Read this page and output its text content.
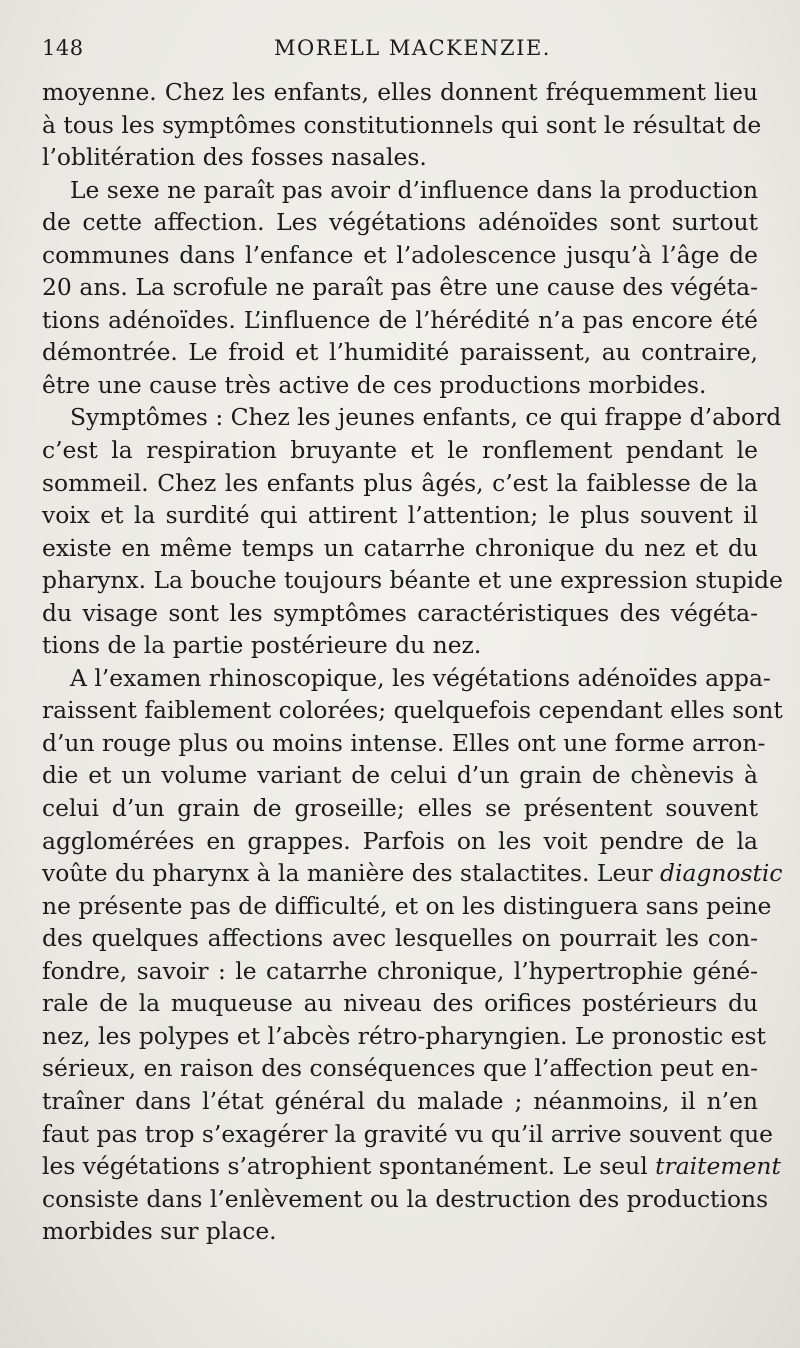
148	MORELL MACKENZIE.
moyenne. Chez les enfants, elles donnent fréquemment lieu
à tous les symptômes constitutionnels qui sont le résultat de
l’oblitération des fosses nasales.
Le sexe ne paraît pas avoir d’influence dans la production
de cette affection. Les végétations adénoïdes sont surtout
communes dans l’enfance et l’adolescence jusqu’à l’âge de
20 ans. La scrofule ne paraît pas être une cause des végéta-
tions adénoïdes. L’influence de l’hérédité n’a pas encore été
démontrée. Le froid et l’humidité paraissent, au contraire,
être une cause très active de ces productions morbides.
Symptômes : Chez les jeunes enfants, ce qui frappe d’abord
c’est la respiration bruyante et le ronflement pendant le
sommeil. Chez les enfants plus âgés, c’est la faiblesse de la
voix et la surdité qui attirent l’attention; le plus souvent il
existe en même temps un catarrhe chronique du nez et du
pharynx. La bouche toujours béante et une expression stupide
du visage sont les symptômes caractéristiques des végéta-
tions de la partie postérieure du nez.
A l’examen rhinoscopique, les végétations adénoïdes appa-
raissent faiblement colorées; quelquefois cependant elles sont
d’un rouge plus ou moins intense. Elles ont une forme arron-
die et un volume variant de celui d’un grain de chènevis à
celui d’un grain de groseille; elles se présentent souvent
agglomérées en grappes. Parfois on les voit pendre de la
voûte du pharynx à la manière des stalactites. Leur diagnostic
ne présente pas de difficulté, et on les distinguera sans peine
des quelques affections avec lesquelles on pourrait les con-
fondre, savoir : le catarrhe chronique, l’hypertrophie géné-
rale de la muqueuse au niveau des orifices postérieurs du
nez, les polypes et l’abcès rétro-pharyngien. Le pronostic est
sérieux, en raison des conséquences que l’affection peut en-
traîner dans l’état général du malade ; néanmoins, il n’en
faut pas trop s’exagérer la gravité vu qu’il arrive souvent que
les végétations s’atrophient spontanément. Le seul traitement
consiste dans l’enlèvement ou la destruction des productions
morbides sur place.
